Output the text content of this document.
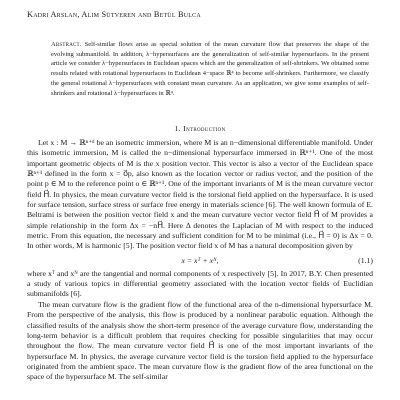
Kadri Arslan, Alim Sütveren and Betül Bulca
Abstract. Self-similar flows arise as special solution of the mean curvature flow that preserves the shape of the evolving submanifold. In addition, λ−hypersurfaces are the generalization of self-similar hypersurfaces. In the present article we consider λ−hypersurfaces in Euclidean spaces which are the generalization of self-shrinkers. We obtained some results related with rotational hypersurfaces in Euclidean 4−space ℝ⁴ to become self-shrinkers. Furthermore, we classify the general rotational λ−hypersurfaces with constant mean curvature. As an application, we give some examples of self-shrinkers and rotational λ−hypersurfaces in ℝ⁴.
1. Introduction

Let x : M → ℝⁿ⁺ᵈ be an isometric immersion, where M is an n−dimensional differentiable manifold. Under this isometric immersion, M is called the n−dimensional hypersurface immersed in ℝⁿ⁺¹. One of the most important geometric objects of M is the x position vector. This vector is also a vector of the Euclidean space ℝⁿ⁺¹ defined in the form x = o⃗p, also known as the location vector or radius vector, and the position of the point p ∈ M to the reference point o ∈ ℝⁿ⁺¹. One of the important invariants of M is the mean curvature vector field H⃗. In physics, the mean curvature vector field is the torsional field applied on the hypersurface. It is used for surface tension, surface stress or surface free energy in materials science [6]. The well known formula of E. Beltrami is between the position vector field x and the mean curvature vector vector field H⃗ of M provides a simple relationship in the form Δx = −nH⃗. Here Δ denotes the Laplacian of M with respect to the induced metric. From this equation, the necessary and sufficient condition for M to be minimal (i.e., H⃗ = 0) is Δx = 0. In other words, M is harmonic [5]. The position vector field x of M has a natural decomposition given by

x = xᵀ + xᴺ,	(1.1)

where xᵀ and xᴺ are the tangential and normal components of x respectively [5]. In 2017, B.Y. Chen presented a study of various topics in differential geometry associated with the location vector fields of Euclidian submanifolds [6].

The mean curvature flow is the gradient flow of the functional area of the n-dimensional hypersurface M. From the perspective of the analysis, this flow is produced by a nonlinear parabolic equation. Although the classified results of the analysis show the short-term presence of the average curvature flow, understanding the long-term behavior is a difficult problem that requires checking for possible singularities that may occur throughout the flow. The mean curvature vector field H⃗ is one of the most important invariants of the hypersurface M. In physics, the average curvature vector field is the torsion field applied to the hypersurface originated from the ambient space. The mean curvature flow is the gradient flow of the area functional on the space of the hypersurface M. The self-similar
